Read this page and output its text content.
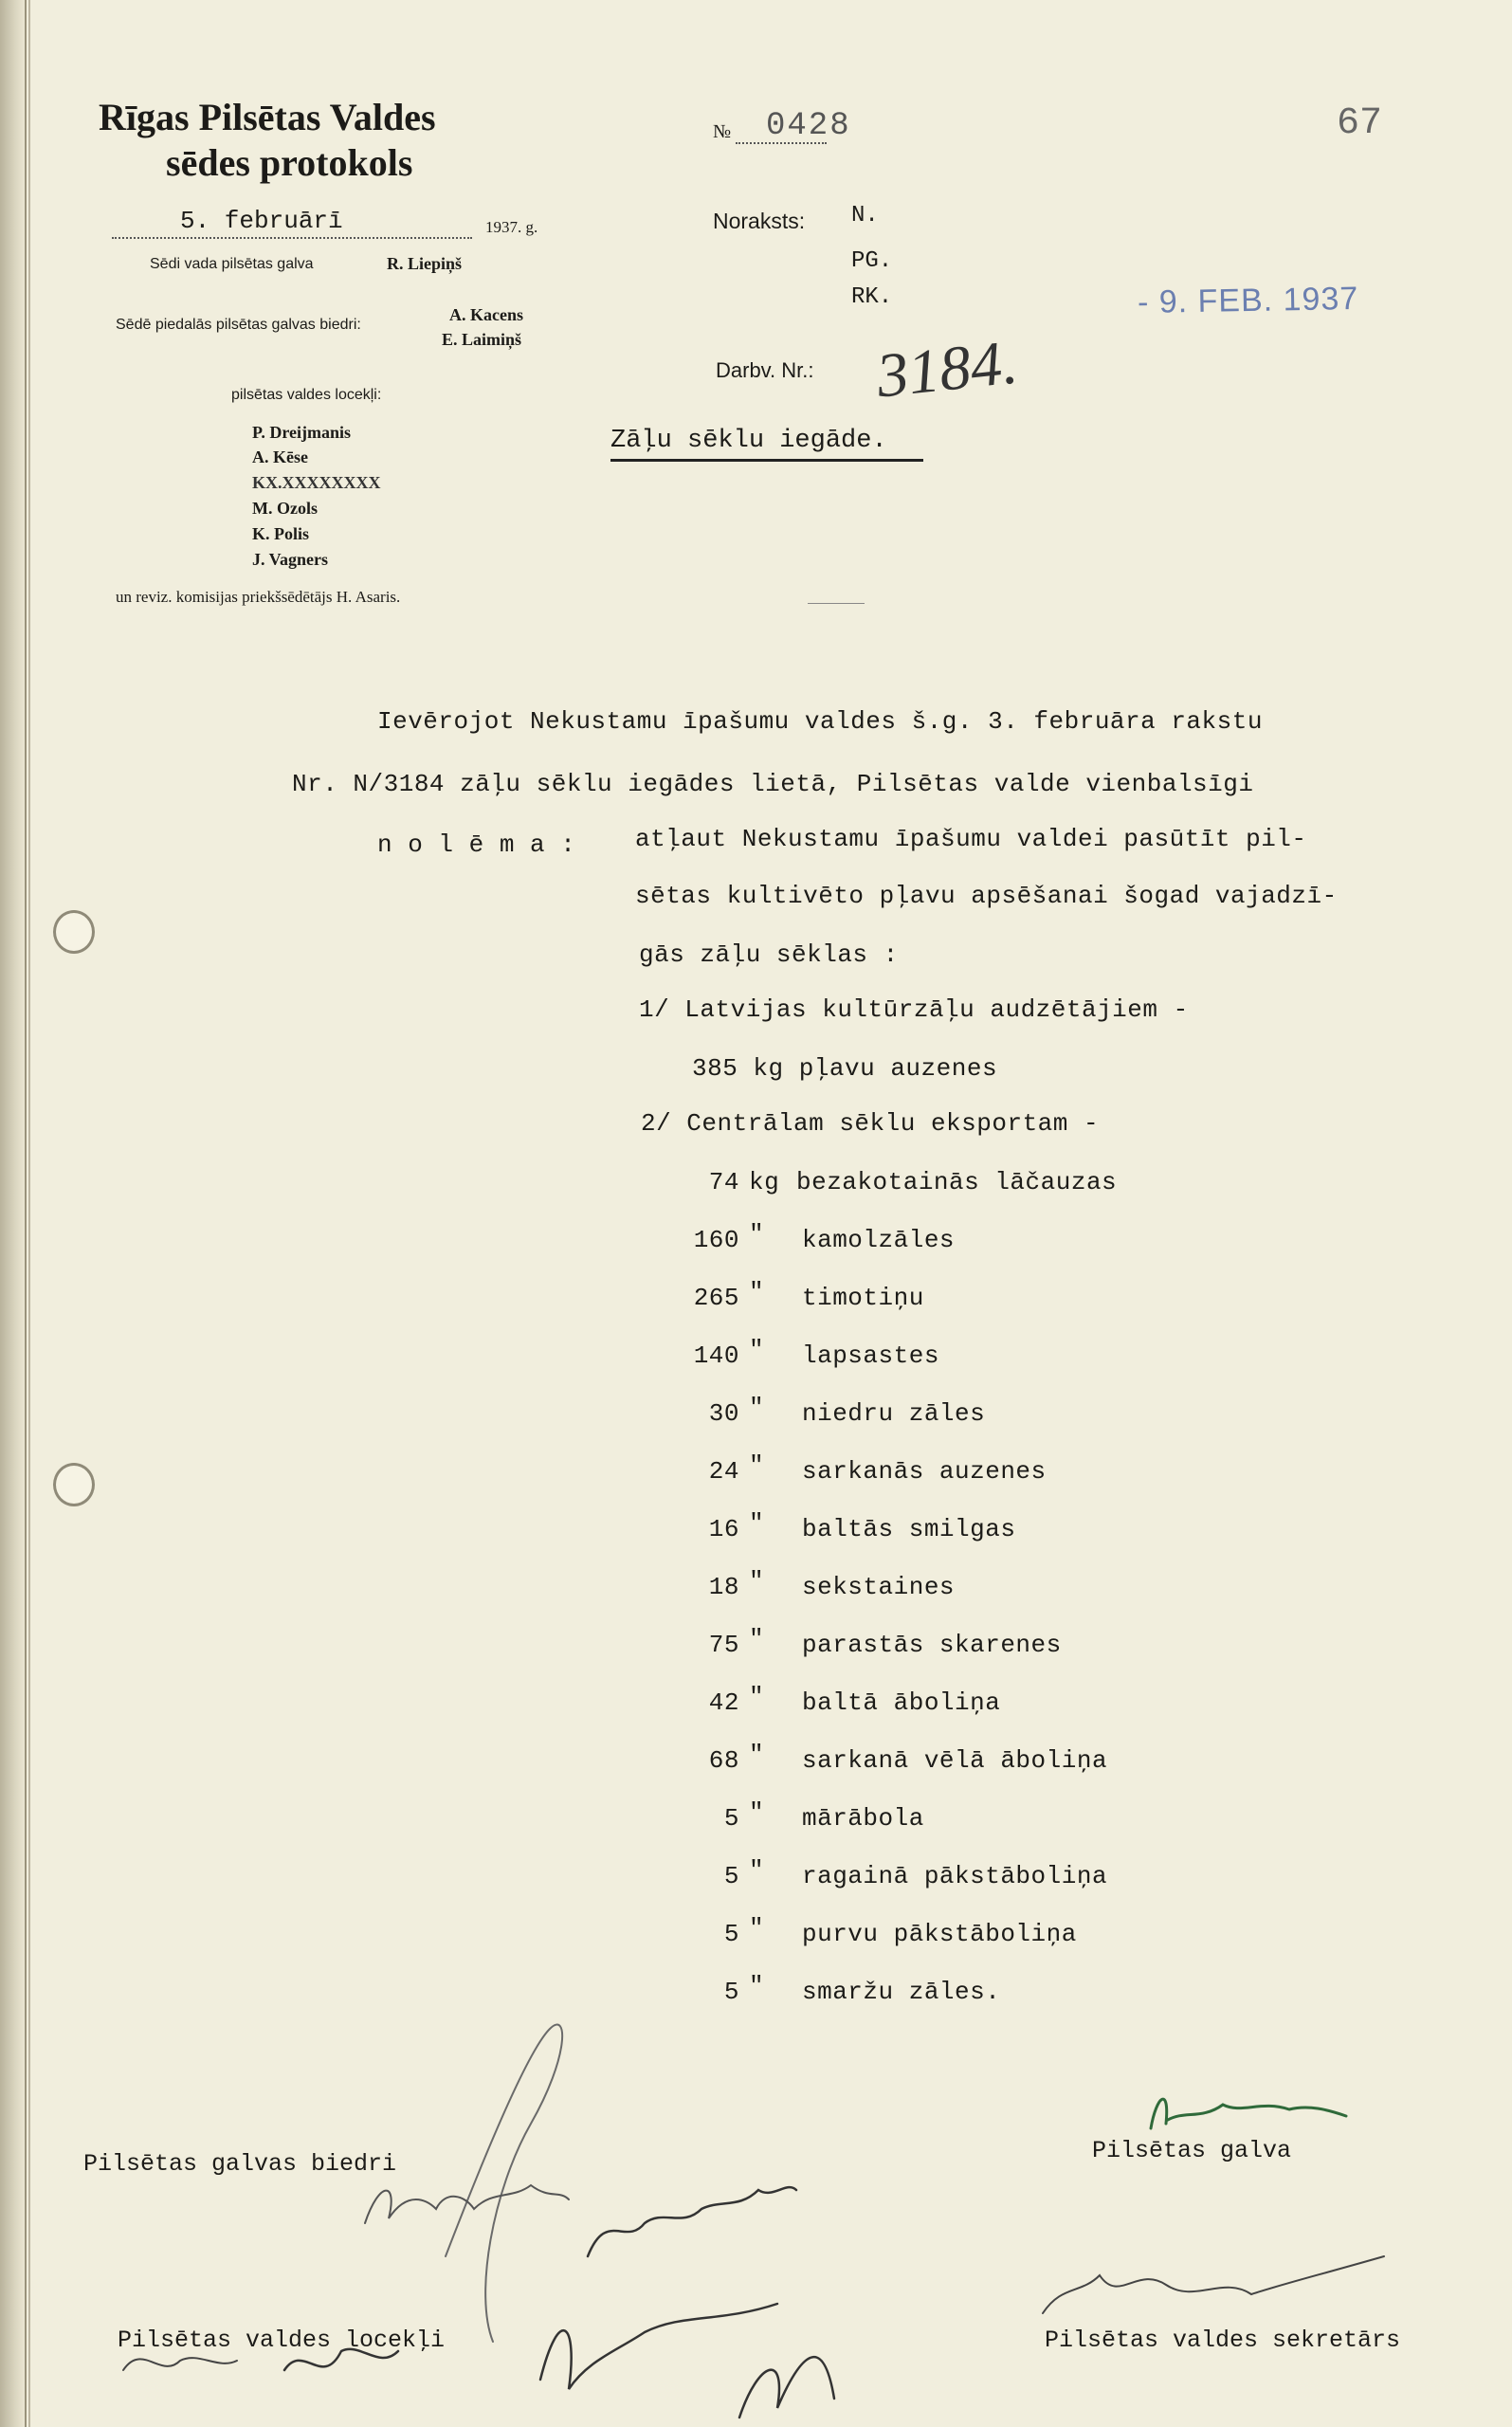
Rīgas Pilsētas Valdes
sēdes protokols
5. februārī	1937. g.
Sēdi vada pilsētas galva	R. Liepiņš
Sēdē piedalās pilsētas galvas biedri:
A. Kacens
E. Laimiņš
pilsētas valdes locekļi:
P. Dreijmanis
A. Kēse
KX.XXXXXXXX
M. Ozols
K. Polis
J. Vagners
un reviz. komisijas priekšsēdētājs H. Asaris.
№ 0428	67
Noraksts: N.
PG.
RK.	- 9. FEB. 1937
Darbv. Nr.: 3184.
Zāļu sēklu iegāde.
Ievērojot Nekustamu īpašumu valdes š.g. 3. februāra rakstu
Nr. N/3184 zāļu sēklu iegādes lietā, Pilsētas valde vienbalsīgi
n o l ē m a : atļaut Nekustamu īpašumu valdei pasūtīt pil-
sētas kultivēto pļavu apsēšanai šogad vajadzī-
gās zāļu sēklas :
1/ Latvijas kultūrzāļu audzētājiem -
385 kg pļavu auzenes
2/ Centrālam sēklu eksportam -
74 kg bezakotainās lāčauzas
160 " kamolzāles
265 " timotiņu
140 " lapsastes
30 " niedru zāles
24 " sarkanās auzenes
16 " baltās smilgas
18 " sekstaines
75 " parastās skarenes
42 " baltā āboliņa
68 " sarkanā vēlā āboliņa
5 " mārābola
5 " ragainā pākstāboliņa
5 " purvu pākstāboliņa
5 " smaržu zāles.
Pilsētas galvas biedri	Pilsētas galva
Pilsētas valdes locekļi	Pilsētas valdes sekretārs
